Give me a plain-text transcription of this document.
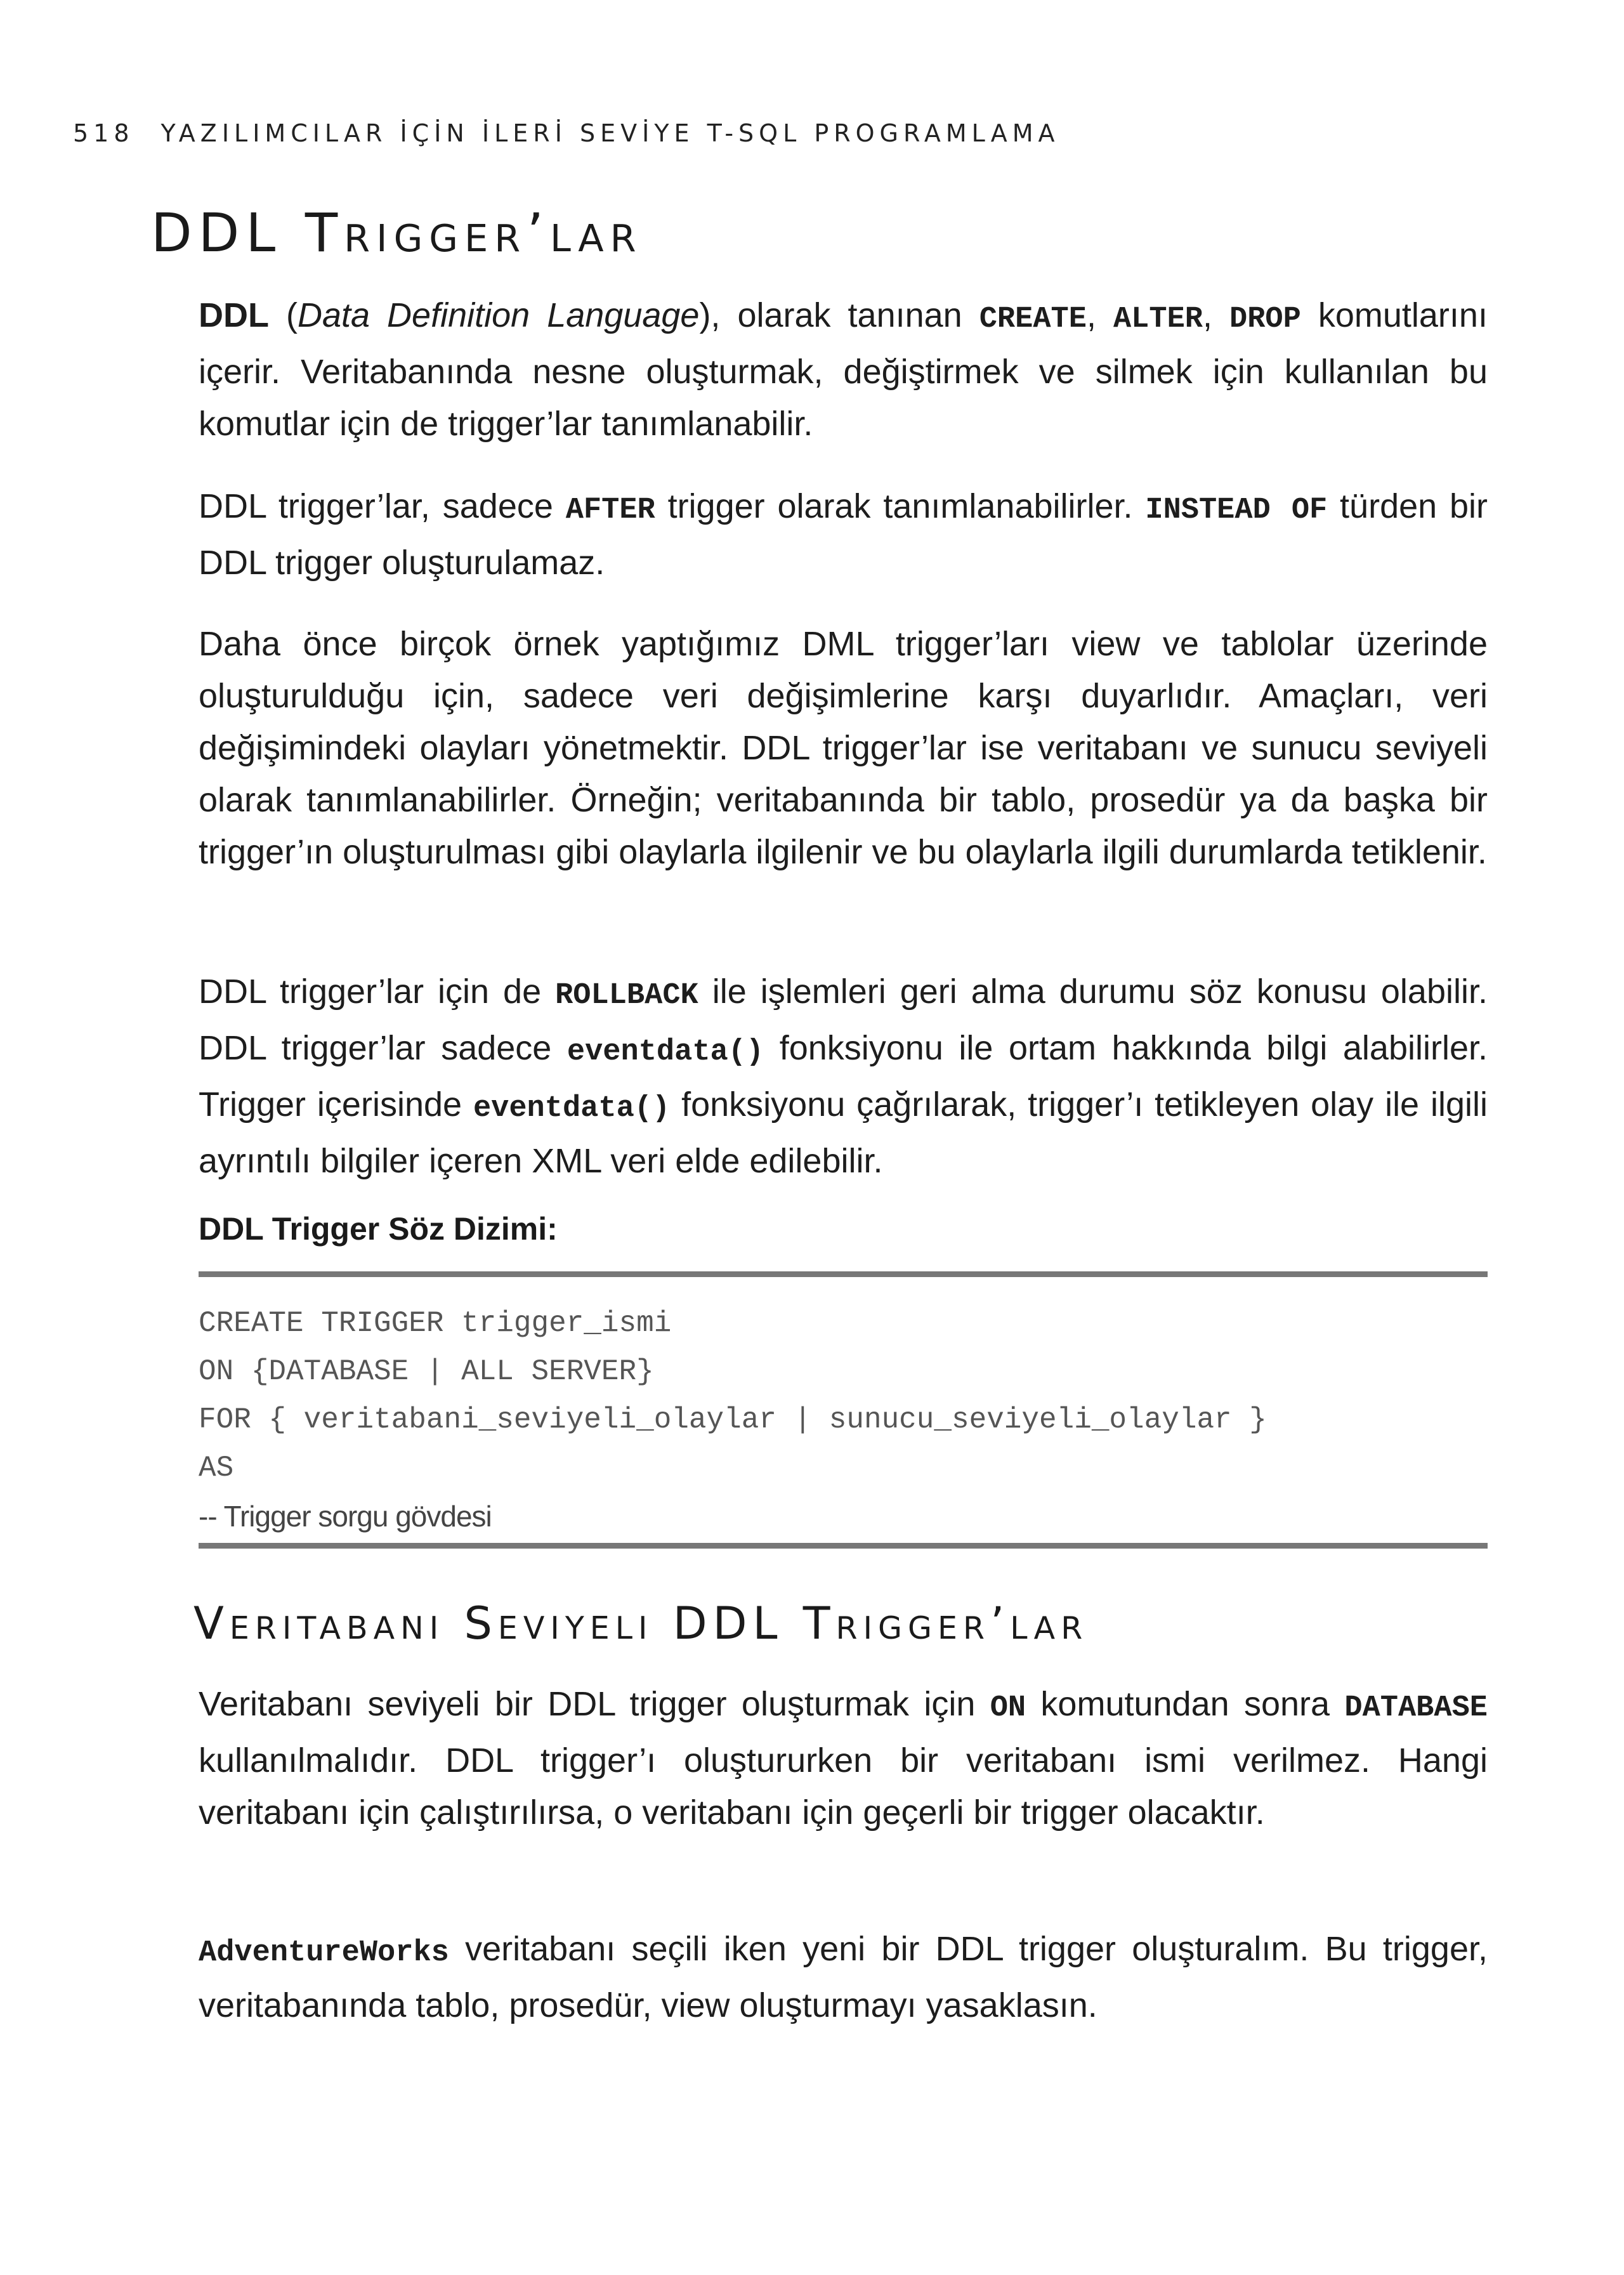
518 YAZILIMCILAR İÇİN İLERİ SEVİYE T-SQL PROGRAMLAMA
DDL Trigger’lar

DDL (Data Definition Language), olarak tanınan CREATE, ALTER, DROP komutlarını içerir. Veritabanında nesne oluşturmak, değiştirmek ve silmek için kullanılan bu komutlar için de trigger’lar tanımlanabilir.

DDL trigger’lar, sadece AFTER trigger olarak tanımlanabilirler. INSTEAD OF türden bir DDL trigger oluşturulamaz.

Daha önce birçok örnek yaptığımız DML trigger’ları view ve tablolar üzerinde oluşturulduğu için, sadece veri değişimlerine karşı duyarlıdır. Amaçları, veri değişimindeki olayları yönetmektir. DDL trigger’lar ise veritabanı ve sunucu seviyeli olarak tanımlanabilirler. Örneğin; veritabanında bir tablo, prosedür ya da başka bir trigger’ın oluşturulması gibi olaylarla ilgilenir ve bu olaylarla ilgili durumlarda tetiklenir.

DDL trigger’lar için de ROLLBACK ile işlemleri geri alma durumu söz konusu olabilir. DDL trigger’lar sadece eventdata() fonksiyonu ile ortam hakkında bilgi alabilirler. Trigger içerisinde eventdata() fonksiyonu çağrılarak, trigger’ı tetikleyen olay ile ilgili ayrıntılı bilgiler içeren XML veri elde edilebilir.

DDL Trigger Söz Dizimi:

CREATE TRIGGER trigger_ismi
ON {DATABASE | ALL SERVER}
FOR { veritabani_seviyeli_olaylar | sunucu_seviyeli_olaylar }
AS
-- Trigger sorgu gövdesi
Veritabanı Seviyeli DDL Trigger’lar

Veritabanı seviyeli bir DDL trigger oluşturmak için ON komutundan sonra DATABASE kullanılmalıdır. DDL trigger’ı oluştururken bir veritabanı ismi verilmez. Hangi veritabanı için çalıştırılırsa, o veritabanı için geçerli bir trigger olacaktır.

AdventureWorks veritabanı seçili iken yeni bir DDL trigger oluşturalım. Bu trigger, veritabanında tablo, prosedür, view oluşturmayı yasaklasın.
